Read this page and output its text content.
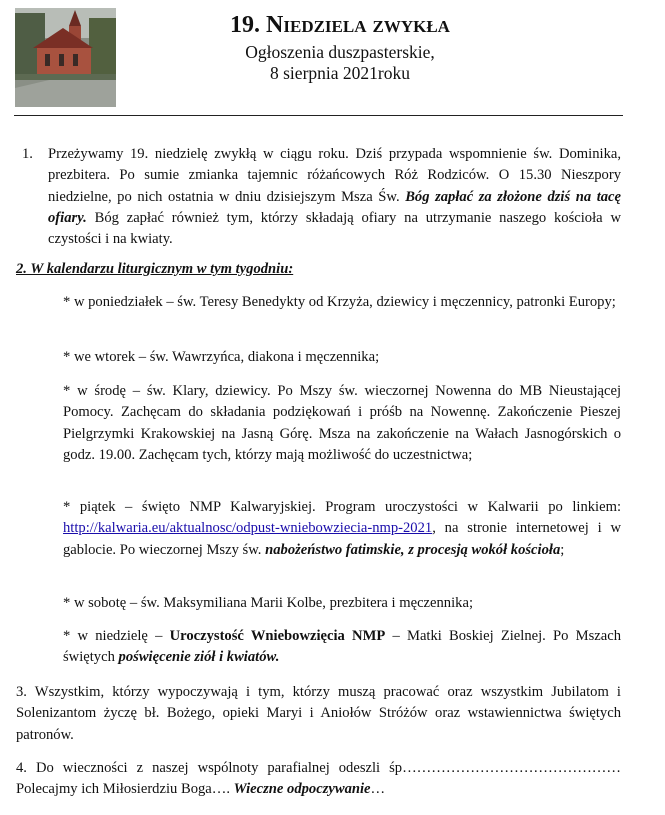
19. Niedziela zwykła

Ogłoszenia duszpasterskie,

8 sierpnia 2021roku

1. Przeżywamy 19. niedzielę zwykłą w ciągu roku. Dziś przypada wspomnienie św. Dominika, prezbitera. Po sumie zmianka tajemnic różańcowych Róż Rodziców. O 15.30 Nieszpory niedzielne, po nich ostatnia w dniu dzisiejszym Msza Św. Bóg zapłać za złożone dziś na tacę ofiary. Bóg zapłać również tym, którzy składają ofiary na utrzymanie naszego kościoła w czystości i na kwiaty.

2. W kalendarzu liturgicznym w tym tygodniu:

* w poniedziałek – św. Teresy Benedykty od Krzyża, dziewicy i męczennicy, patronki Europy;

* we wtorek – św. Wawrzyńca, diakona i męczennika;

* w środę – św. Klary, dziewicy. Po Mszy św. wieczornej Nowenna do MB Nieustającej Pomocy. Zachęcam do składania podziękowań i próśb na Nowennę. Zakończenie Pieszej Pielgrzymki Krakowskiej na Jasną Górę. Msza na zakończenie na Wałach Jasnogórskich o godz. 19.00. Zachęcam tych, którzy mają możliwość do uczestnictwa;

* piątek – święto NMP Kalwaryjskiej. Program uroczystości w Kalwarii po linkiem: http://kalwaria.eu/aktualnosc/odpust-wniebowziecia-nmp-2021, na stronie internetowej i w gablocie. Po wieczornej Mszy św. nabożeństwo fatimskie, z procesją wokół kościoła;

* w sobotę – św. Maksymiliana Marii Kolbe, prezbitera i męczennika;

* w niedzielę – Uroczystość Wniebowzięcia NMP – Matki Boskiej Zielnej. Po Mszach świętych poświęcenie ziół i kwiatów.

3. Wszystkim, którzy wypoczywają i tym, którzy muszą pracować oraz wszystkim Jubilatom i Solenizantom życzę bł. Bożego, opieki Maryi i Aniołów Stróżów oraz wstawiennictwa świętych patronów.

4. Do wieczności z naszej wspólnoty parafialnej odeszli śp……………………………………… Polecajmy ich Miłosierdziu Boga…. Wieczne odpoczywanie…
